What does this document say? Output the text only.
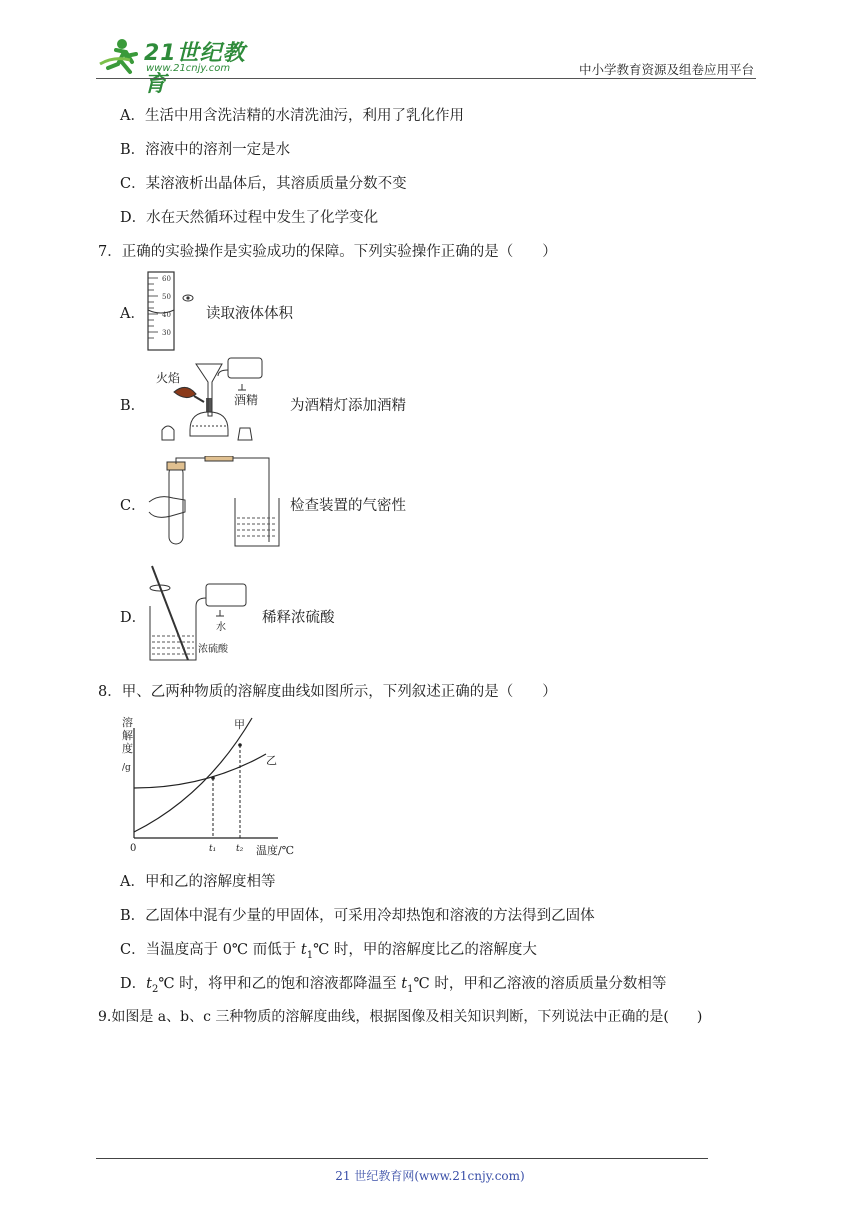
21世纪教育
www.21cnjy.com	中小学教育资源及组卷应用平台
A．生活中用含洗洁精的水清洗油污，利用了乳化作用
B．溶液中的溶剂一定是水
C．某溶液析出晶体后，其溶质质量分数不变
D．水在天然循环过程中发生了化学变化
7．正确的实验操作是实验成功的保障。下列实验操作正确的是（　　）
A．
60
50
40
30
读取液体体积
B．
火焰
酒精 为酒精灯添加酒精
C．	检查装置的气密性
D．
水
浓硫酸
稀释浓硫酸
8．甲、乙两种物质的溶解度曲线如图所示，下列叙述正确的是（　　）
溶
解
度
/g
0	温度/℃
甲
乙
t₁ t₂
A．甲和乙的溶解度相等
B．乙固体中混有少量的甲固体，可采用冷却热饱和溶液的方法得到乙固体
C．当温度高于 0℃ 而低于 $t_1℃$ 时，甲的溶解度比乙的溶解度大
D．$t_2℃$ 时，将甲和乙的饱和溶液都降温至 $t_1℃$ 时，甲和乙溶液的溶质质量分数相等
9.如图是 a、b、c 三种物质的溶解度曲线，根据图像及相关知识判断，下列说法中正确的是(　　)
21 世纪教育网(www.21cnjy.com)
